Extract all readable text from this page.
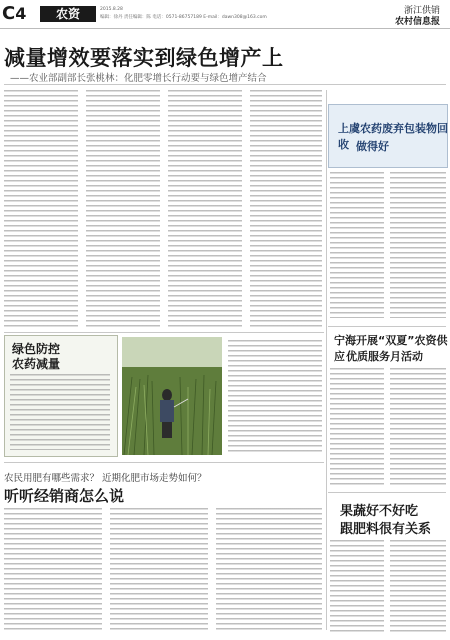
C4	农资	2015.8.28
编辑：徐丹 责任编辑：陈 电话：0571-86757189 E-mail：dawn308@163.com
浙江供销
农村信息报
减量增效要落实到绿色增产上
——农业部副部长张桃林：化肥零增长行动要与绿色增产结合
上虞农药废弃包装物回收 做得好
宁海开展“双夏”农资供应 优质服务月活动
果蔬好不好吃
跟肥料很有关系
绿色防控
农药减量
农民用肥有哪些需求？ 近期化肥市场走势如何？
听听经销商怎么说
